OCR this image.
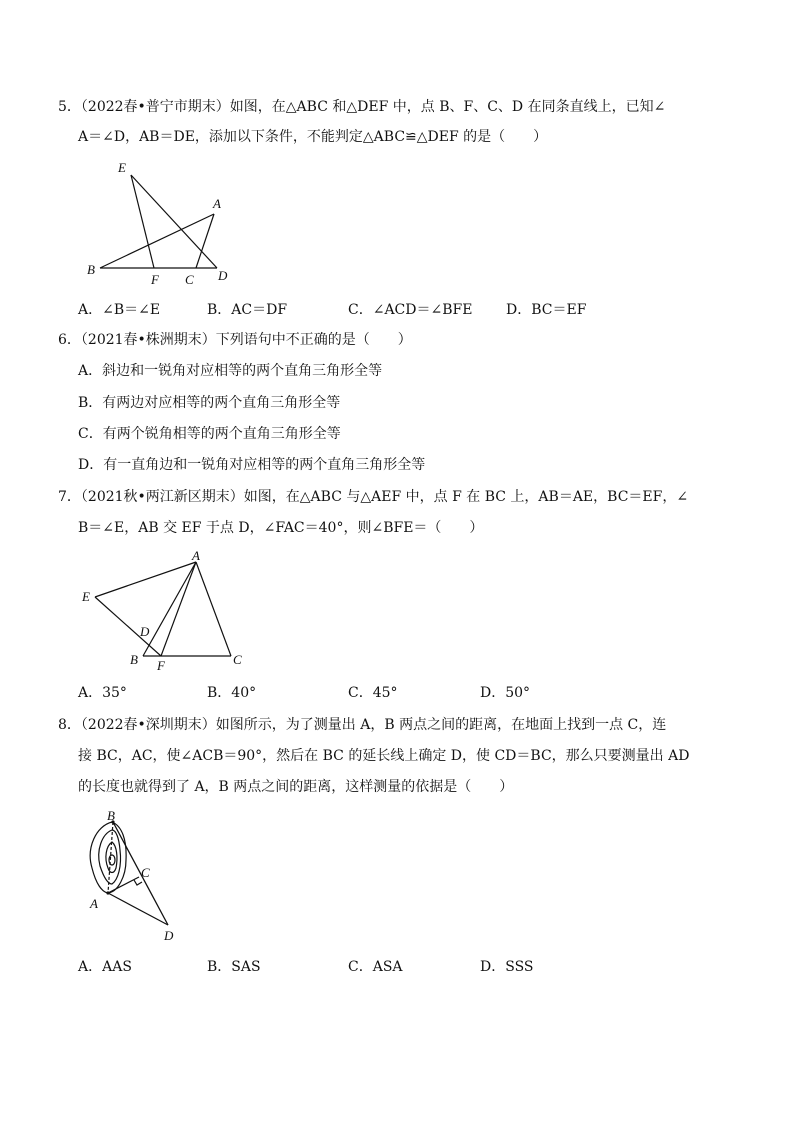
5．（2022春•普宁市期末）如图，在△ABC 和△DEF 中，点 B、F、C、D 在同条直线上，已知∠
A＝∠D，AB＝DE，添加以下条件，不能判定△ABC≌△DEF 的是（　　）
E
A
B
F C D
A．∠B＝∠E	B．AC＝DF	C．∠ACD＝∠BFE D．BC＝EF
6．（2021春•株洲期末）下列语句中不正确的是（　　）
A．斜边和一锐角对应相等的两个直角三角形全等
B．有两边对应相等的两个直角三角形全等
C．有两个锐角相等的两个直角三角形全等
D．有一直角边和一锐角对应相等的两个直角三角形全等
7．（2021秋•两江新区期末）如图，在△ABC 与△AEF 中，点 F 在 BC 上，AB＝AE，BC＝EF，∠
B＝∠E，AB 交 EF 于点 D，∠FAC＝40°，则∠BFE＝（　　）
A
E
D
B F	C
A．35°	B．40°	C．45°	D．50°
8．（2022春•深圳期末）如图所示，为了测量出 A，B 两点之间的距离，在地面上找到一点 C，连
接 BC，AC，使∠ACB＝90°，然后在 BC 的延长线上确定 D，使 CD＝BC，那么只要测量出 AD
的长度也就得到了 A，B 两点之间的距离，这样测量的依据是（　　）
B
C
A
D
A．AAS	B．SAS	C．ASA	D．SSS
